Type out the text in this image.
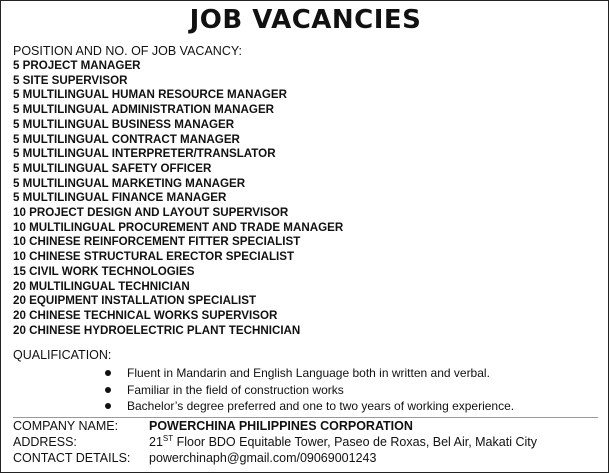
JOB VACANCIES
POSITION AND NO. OF JOB VACANCY:
5 PROJECT MANAGER
5 SITE SUPERVISOR
5 MULTILINGUAL HUMAN RESOURCE MANAGER
5 MULTILINGUAL ADMINISTRATION MANAGER
5 MULTILINGUAL BUSINESS MANAGER
5 MULTILINGUAL CONTRACT MANAGER
5 MULTILINGUAL INTERPRETER/TRANSLATOR
5 MULTILINGUAL SAFETY OFFICER
5 MULTILINGUAL MARKETING MANAGER
5 MULTILINGUAL FINANCE MANAGER
10 PROJECT DESIGN AND LAYOUT SUPERVISOR
10 MULTILINGUAL PROCUREMENT AND TRADE MANAGER
10 CHINESE REINFORCEMENT FITTER SPECIALIST
10 CHINESE STRUCTURAL ERECTOR SPECIALIST
15 CIVIL WORK TECHNOLOGIES
20 MULTILINGUAL TECHNICIAN
20 EQUIPMENT INSTALLATION SPECIALIST
20 CHINESE TECHNICAL WORKS SUPERVISOR
20 CHINESE HYDROELECTRIC PLANT TECHNICIAN
QUALIFICATION:
Fluent in Mandarin and English Language both in written and verbal.
Familiar in the field of construction works
Bachelor’s degree preferred and one to two years of working experience.
COMPANY NAME:	POWERCHINA PHILIPPINES CORPORATION
ADDRESS:	21ST Floor BDO Equitable Tower, Paseo de Roxas, Bel Air, Makati City
CONTACT DETAILS:	powerchinaph@gmail.com/09069001243
